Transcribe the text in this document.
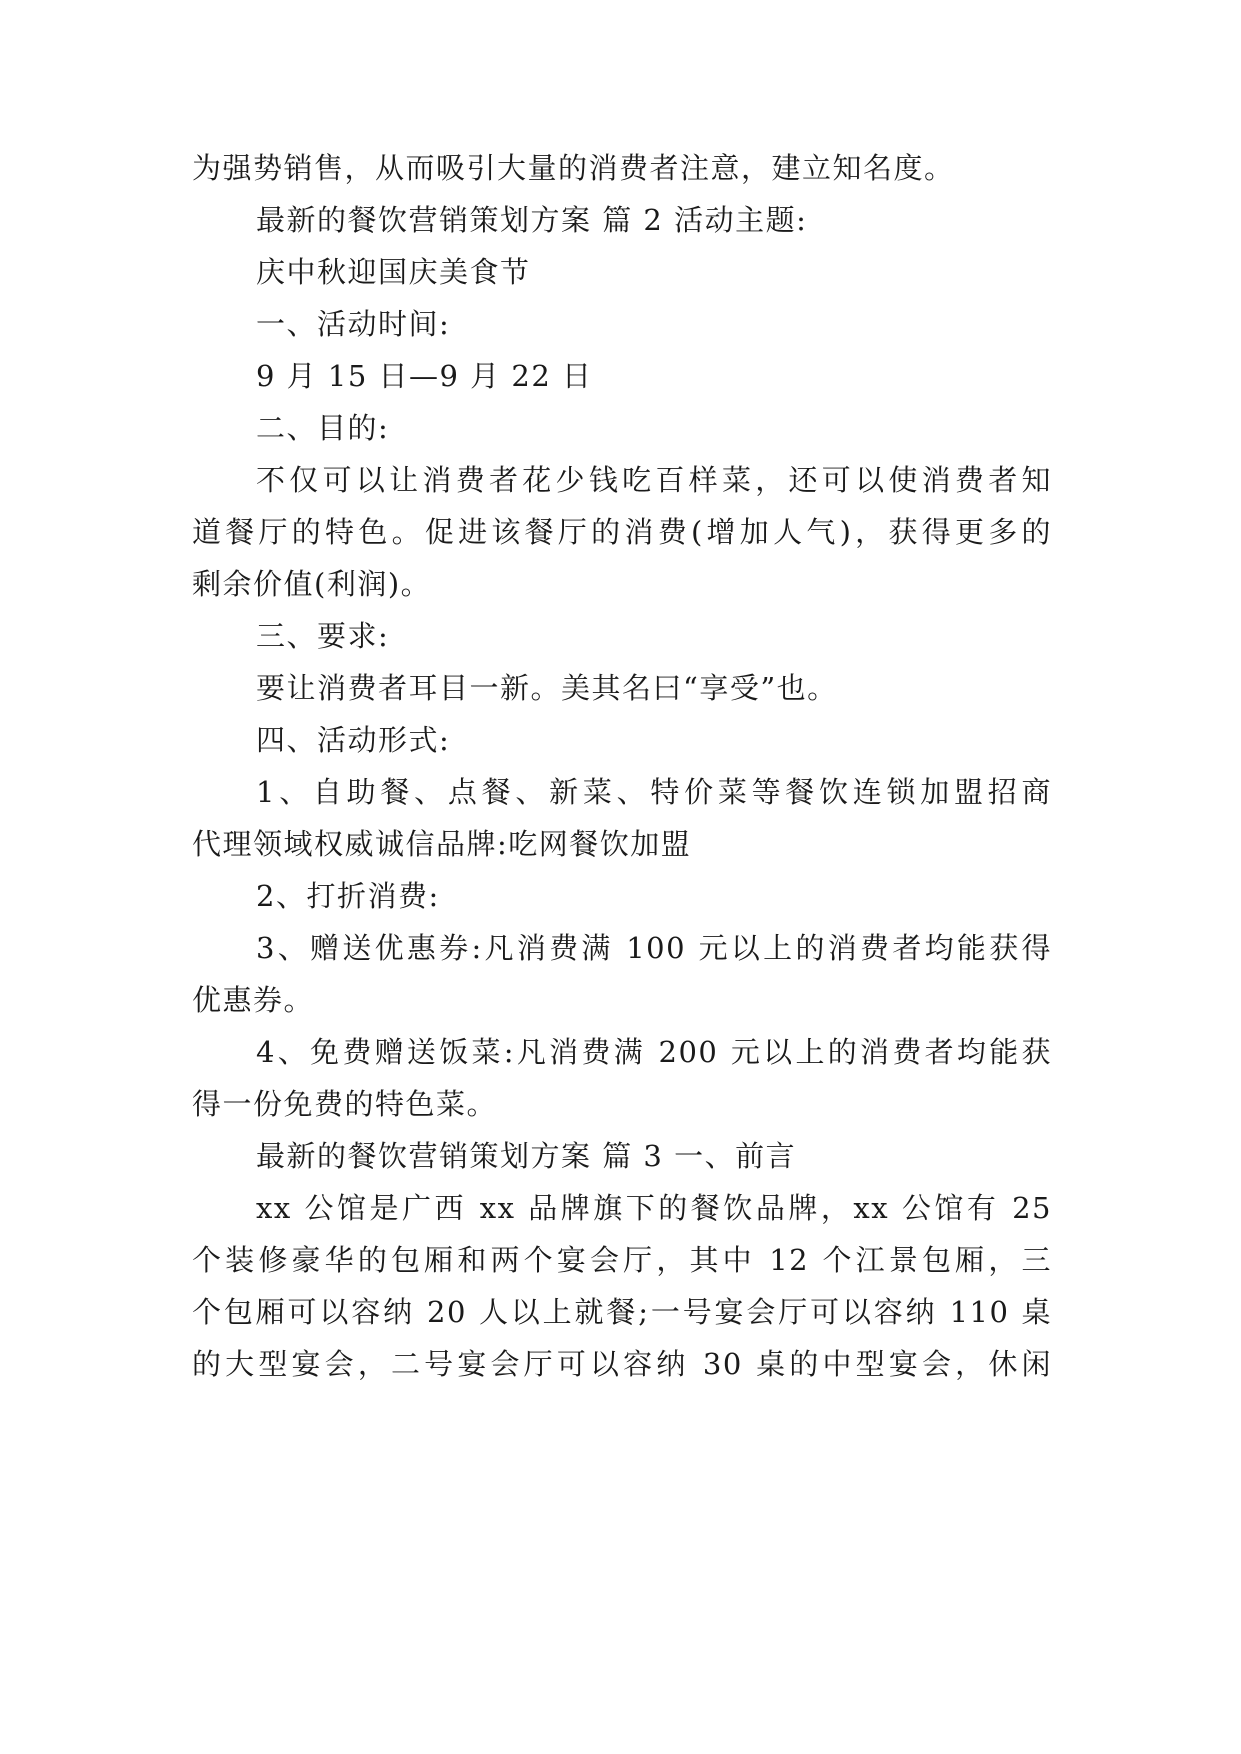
为强势销售，从而吸引大量的消费者注意，建立知名度。
最新的餐饮营销策划方案 篇 2 活动主题:
庆中秋迎国庆美食节
一、活动时间:
9 月 15 日—9 月 22 日
二、目的:
不仅可以让消费者花少钱吃百样菜，还可以使消费者知
道餐厅的特色。促进该餐厅的消费(增加人气)，获得更多的
剩余价值(利润)。
三、要求:
要让消费者耳目一新。美其名曰“享受”也。
四、活动形式:
1、自助餐、点餐、新菜、特价菜等餐饮连锁加盟招商
代理领域权威诚信品牌:吃网餐饮加盟
2、打折消费:
3、赠送优惠券:凡消费满 100 元以上的消费者均能获得
优惠券。
4、免费赠送饭菜:凡消费满 200 元以上的消费者均能获
得一份免费的特色菜。
最新的餐饮营销策划方案 篇 3 一、前言
xx 公馆是广西 xx 品牌旗下的餐饮品牌，xx 公馆有 25
个装修豪华的包厢和两个宴会厅，其中 12 个江景包厢，三
个包厢可以容纳 20 人以上就餐;一号宴会厅可以容纳 110 桌
的大型宴会，二号宴会厅可以容纳 30 桌的中型宴会，休闲
